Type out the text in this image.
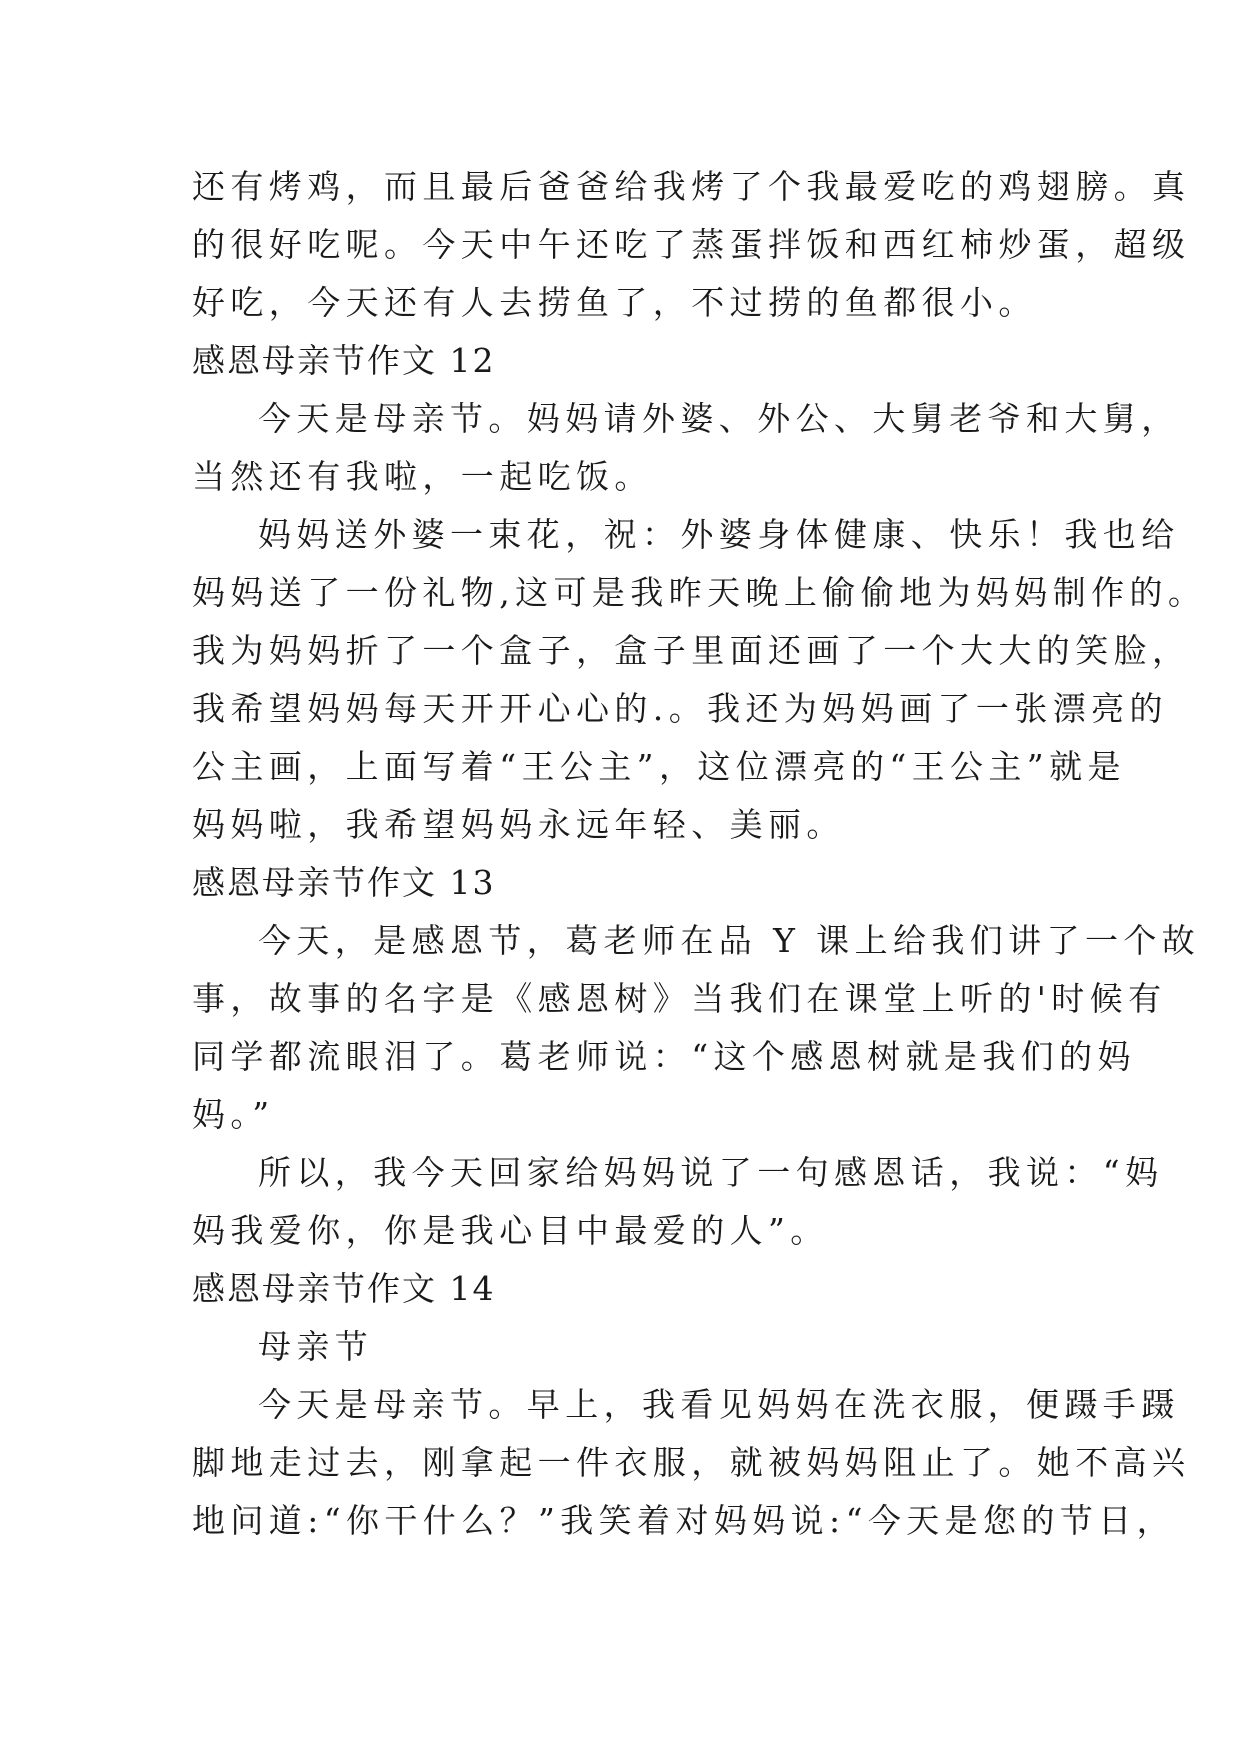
还有烤鸡，而且最后爸爸给我烤了个我最爱吃的鸡翅膀。真

的很好吃呢。今天中午还吃了蒸蛋拌饭和西红柿炒蛋，超级

好吃，今天还有人去捞鱼了，不过捞的鱼都很小。

感恩母亲节作文 12

今天是母亲节。妈妈请外婆、外公、大舅老爷和大舅，

当然还有我啦，一起吃饭。

妈妈送外婆一束花，祝：外婆身体健康、快乐！我也给

妈妈送了一份礼物,这可是我昨天晚上偷偷地为妈妈制作的。

我为妈妈折了一个盒子，盒子里面还画了一个大大的笑脸，

我希望妈妈每天开开心心的.。我还为妈妈画了一张漂亮的

公主画，上面写着“王公主”，这位漂亮的“王公主”就是

妈妈啦，我希望妈妈永远年轻、美丽。

感恩母亲节作文 13

今天，是感恩节，葛老师在品 Y 课上给我们讲了一个故

事，故事的名字是《感恩树》当我们在课堂上听的'时候有

同学都流眼泪了。葛老师说：“这个感恩树就是我们的妈

妈。”

所以，我今天回家给妈妈说了一句感恩话，我说：“妈

妈我爱你，你是我心目中最爱的人”。

感恩母亲节作文 14

母亲节

今天是母亲节。早上，我看见妈妈在洗衣服，便蹑手蹑

脚地走过去，刚拿起一件衣服，就被妈妈阻止了。她不高兴

地问道:“你干什么？”我笑着对妈妈说:“今天是您的节日，
